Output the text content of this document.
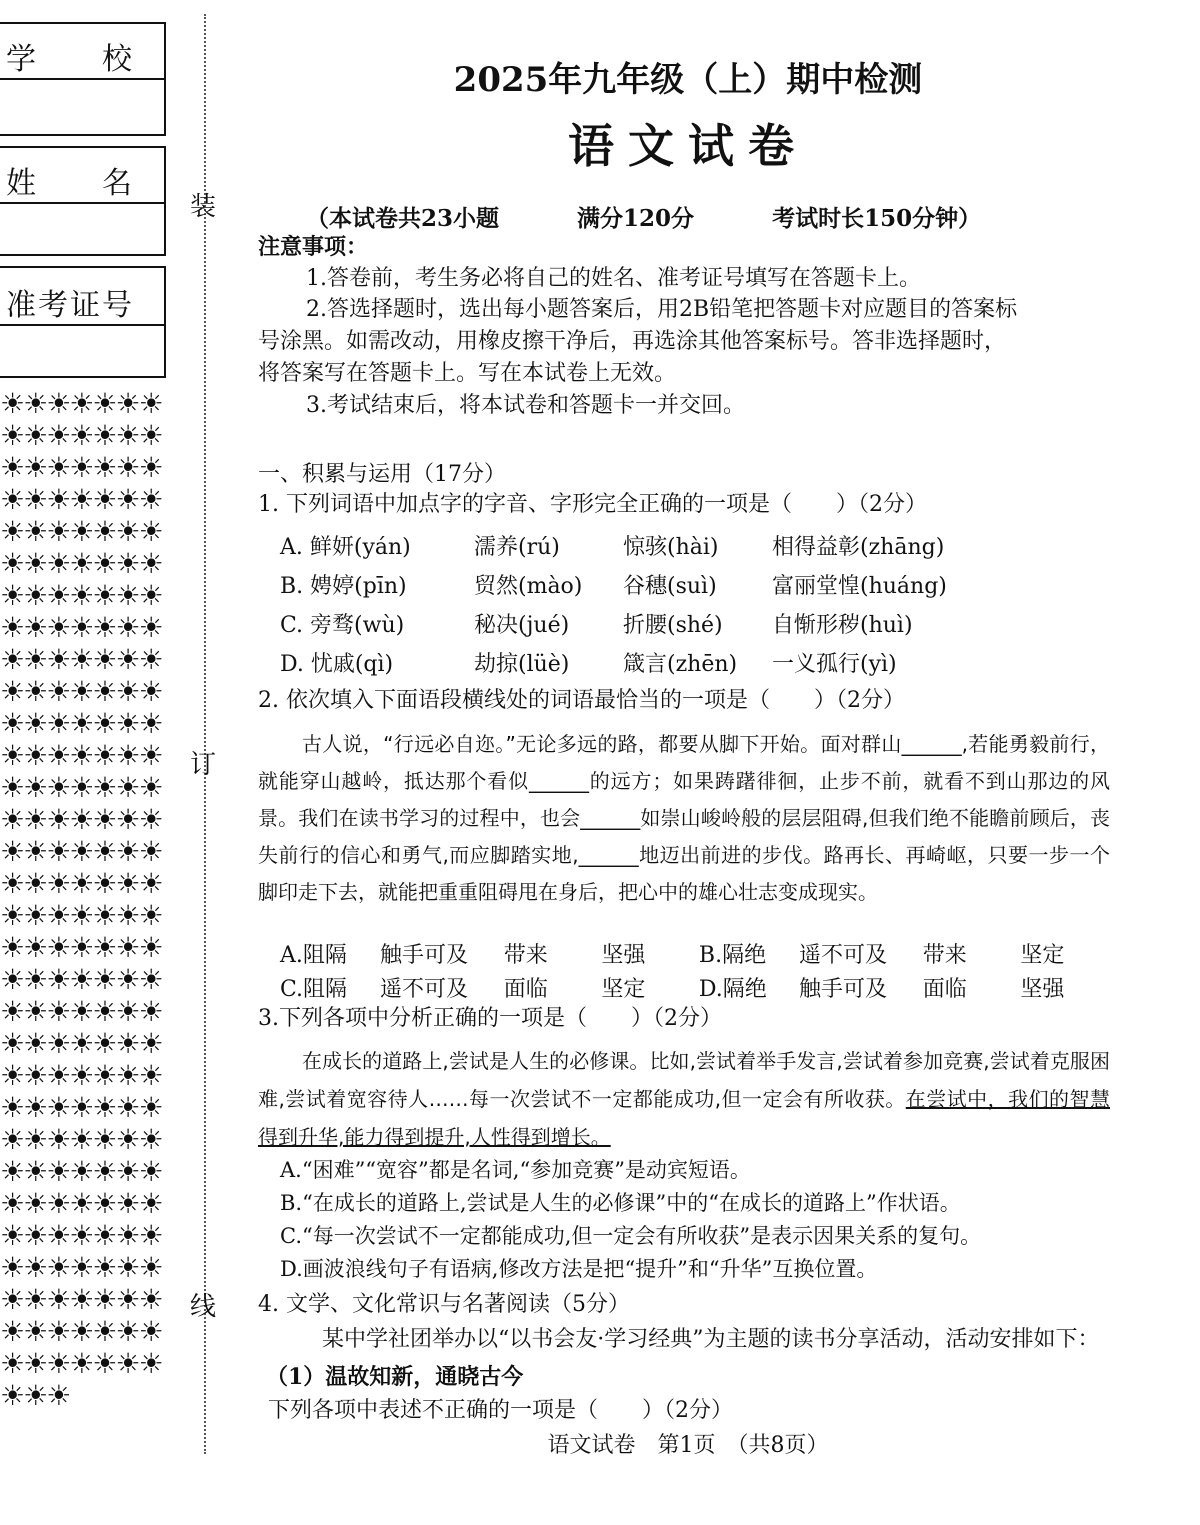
学　　校
姓　　名
准考证号
☀☀☀☀☀☀☀☀☀☀☀☀☀☀☀☀☀☀☀☀☀☀☀☀☀☀☀☀☀☀☀☀☀☀☀☀☀☀☀☀☀☀☀☀☀☀☀☀☀☀☀☀☀☀☀☀☀☀☀☀☀☀☀☀☀☀☀☀☀☀☀☀☀☀☀☀☀☀☀☀☀☀☀☀☀☀☀☀☀☀☀☀☀☀☀☀☀☀☀☀☀☀☀☀☀☀☀☀☀☀☀☀☀☀☀☀☀☀☀☀☀☀☀☀☀☀☀☀☀☀☀☀☀☀☀☀☀☀☀☀☀☀☀☀☀☀☀☀☀☀☀☀☀☀☀☀☀☀☀☀☀☀☀☀☀☀☀☀☀☀☀☀☀☀☀☀☀☀☀☀☀☀☀☀☀☀☀☀☀☀☀☀☀☀☀☀☀☀☀☀☀☀☀☀☀☀☀☀☀☀☀☀☀☀☀☀☀☀☀☀
装
订
线
2025年九年级（上）期中检测
语文试卷
（本试卷共23小题	满分120分	考试时长150分钟）
注意事项：
1.答卷前，考生务必将自己的姓名、准考证号填写在答题卡上。
2.答选择题时，选出每小题答案后，用2B铅笔把答题卡对应题目的答案标
号涂黑。如需改动，用橡皮擦干净后，再选涂其他答案标号。答非选择题时，
将答案写在答题卡上。写在本试卷上无效。
3.考试结束后，将本试卷和答题卡一并交回。
一、积累与运用（17分）
1. 下列词语中加点字的字音、字形完全正确的一项是（　　）（2分）
A. 鲜妍(yán)	濡养(rú)	惊骇(hài)	相得益彰(zhāng)
B. 娉婷(pīn)	贸然(mào)	谷穗(suì)	富丽堂惶(huáng)
C. 旁骛(wù)	秘决(jué)	折腰(shé)	自惭形秽(huì)
D. 忧戚(qì)	劫掠(lüè)	箴言(zhēn)	一义孤行(yì)
2. 依次填入下面语段横线处的词语最恰当的一项是（　　）（2分）
古人说，“行远必自迩。”无论多远的路，都要从脚下开始。面对群山______,若能勇毅前行，就能穿山越岭，抵达那个看似______的远方；如果踌躇徘徊，止步不前，就看不到山那边的风景。我们在读书学习的过程中，也会______如崇山峻岭般的层层阻碍,但我们绝不能瞻前顾后，丧失前行的信心和勇气,而应脚踏实地,______地迈出前进的步伐。路再长、再崎岖，只要一步一个脚印走下去，就能把重重阻碍甩在身后，把心中的雄心壮志变成现实。
A.阻隔	触手可及	带来	坚强	B.隔绝	遥不可及	带来	坚定
C.阻隔	遥不可及	面临	坚定	D.隔绝	触手可及	面临	坚强
3.下列各项中分析正确的一项是（　　）（2分）
在成长的道路上,尝试是人生的必修课。比如,尝试着举手发言,尝试着参加竞赛,尝试着克服困难,尝试着宽容待人……每一次尝试不一定都能成功,但一定会有所收获。在尝试中，我们的智慧得到升华,能力得到提升,人性得到增长。
A.“困难”“宽容”都是名词,“参加竞赛”是动宾短语。
B.“在成长的道路上,尝试是人生的必修课”中的“在成长的道路上”作状语。
C.“每一次尝试不一定都能成功,但一定会有所收获”是表示因果关系的复句。
D.画波浪线句子有语病,修改方法是把“提升”和“升华”互换位置。
4. 文学、文化常识与名著阅读（5分）
某中学社团举办以“以书会友·学习经典”为主题的读书分享活动，活动安排如下：
（1）温故知新，通晓古今
下列各项中表述不正确的一项是（　　）（2分）
语文试卷　第1页　（共8页）
